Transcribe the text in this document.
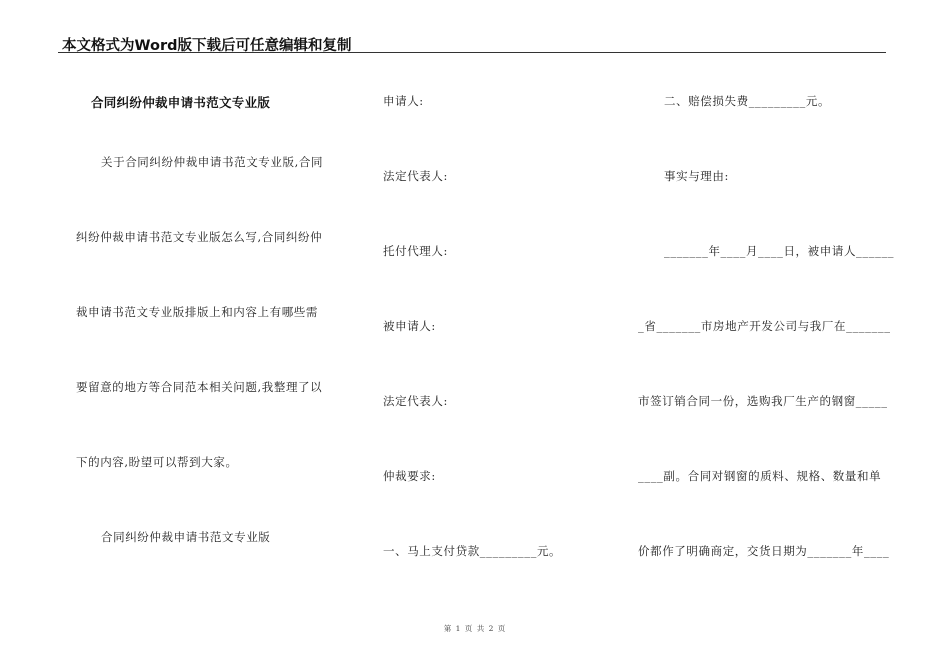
本文格式为Word版下载后可任意编辑和复制
合同纠纷仲裁申请书范文专业版
关于合同纠纷仲裁申请书范文专业版,合同
纠纷仲裁申请书范文专业版怎么写,合同纠纷仲
裁申请书范文专业版排版上和内容上有哪些需
要留意的地方等合同范本相关问题,我整理了以
下的内容,盼望可以帮到大家。
合同纠纷仲裁申请书范文专业版
申请人:
法定代表人:
托付代理人:
被申请人:
法定代表人:
仲裁要求:
一、马上支付贷款_________元。
二、赔偿损失费_________元。
事实与理由:
_______年____月____日，被申请人______
_省_______市房地产开发公司与我厂在_______
市签订销合同一份，选购我厂生产的钢窗_____
____副。合同对钢窗的质料、规格、数量和单
价都作了明确商定，交货日期为_______年____
第 1 页 共 2 页
